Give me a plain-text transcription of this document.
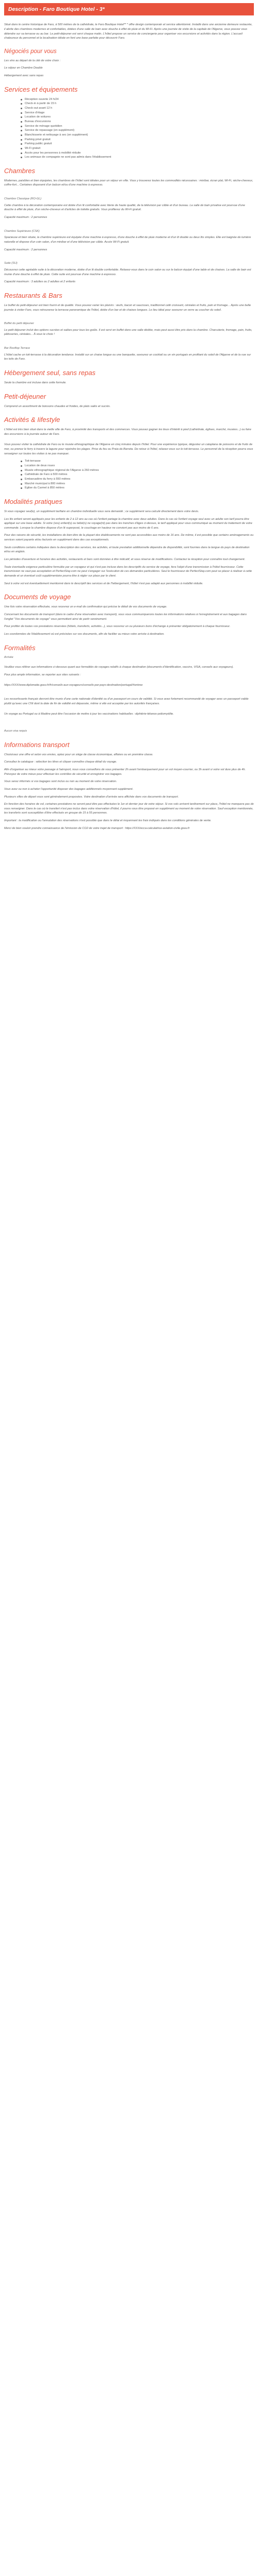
Description - Faro Boutique Hotel - 3*

Situé dans le centre historique de Faro, à 500 mètres de la cathédrale, le Faro Boutique Hotel** * offre design contemporain et service attentionné. Installé dans une ancienne demeure restaurée, il abrite des chambres modernes et confortables, dotées d'une salle de bain avec douche à effet de pluie et du Wi-Fi. Après une journée de visite de la capitale de l'Algarve, vous pouvez vous détendre sur sa terrasse ou au bar. Le petit-déjeuner est servi chaque matin. L'hôtel propose un service de conciergerie pour organiser vos excursions et activités dans la région. L'accueil chaleureux du personnel et la localisation idéale en font une base parfaite pour découvrir Faro.

Négociés pour vous

Les vins au départ de la cité de votre choix :

Le séjour en Chambre Double

Hébergement avec sans repas

Services et équipements
Réception ouverte 24 h/24
Check-in à partir de 15 h
Check-out avant 12 h
Service d'étage
Location de voitures
Bureau d'excursions
Service de ménage quotidien
Service de repassage (en supplément)
Blanchisserie et nettoyage à sec (en supplément)
Parking privé gratuit
Parking public gratuit
Wi-Fi gratuit
Accès pour les personnes à mobilité réduite
Les animaux de compagnie ne sont pas admis dans l'établissement
Chambres

Modernes, paisibles et bien équipées, les chambres de l'hôtel sont idéales pour un séjour en ville. Vous y trouverez toutes les commodités nécessaires : minibar, écran plat, Wi-Fi, sèche-cheveux, coffre-fort... Certaines disposent d'un balcon et/ou d'une machine à espresso.

Chambre Classique (RO-GL)

Cette chambre à la décoration contemporaine est dotée d'un lit confortable avec literie de haute qualité, de la télévision par câble et d'un bureau. La salle de bain privative est pourvue d'une douche à effet de pluie, d'un sèche-cheveux et d'articles de toilette gratuits. Vous profiterez du Wi-Fi gratuit.

Capacité maximum : 2 personnes

Chambre Supérieure (CSK)

Spacieuse et bien située, la chambre supérieure est équipée d'une machine à espresso, d'une douche à effet de pluie moderne et d'un lit double ou deux lits simples. Elle est baignée de lumière naturelle et dispose d'un coin salon, d'un minibar et d'une télévision par câble. Accès Wi-Fi gratuit.

Capacité maximum : 2 personnes

Suite (SU)

Découvrez cette agréable suite à la décoration moderne, dotée d'un lit double confortable. Relaxez-vous dans le coin salon ou sur le balcon équipé d'une table et de chaises. La salle de bain est munie d'une douche à effet de pluie. Cette suite est pourvue d'une machine à espresso.

Capacité maximum : 3 adultes ou 2 adultes et 2 enfants

Restaurants & Bars

Le buffet du petit-déjeuner est bien fourni et de qualité. Vous pouvez varier les plaisirs : œufs, bacon et saucisses, traditionnel café croissant, céréales et fruits, pain et fromage... Après une belle journée à visiter Faro, vous retrouverez la terrasse panoramique de l'hôtel, dotée d'un bar et de chaises longues. Le lieu idéal pour savourer un verre au coucher du soleil.

Buffet du petit déjeuner

Le petit déjeuner inclut des options sucrées et salées pour tous les goûts. Il est servi en buffet dans une salle dédiée, mais peut aussi être pris dans la chambre. Charcuterie, fromage, pain, fruits, pâtisseries, céréales... À vous le choix !

Bar Rooftop Terrace

L'hôtel cache un toit-terrasse à la décoration tendance. Installé sur un chaise longue ou une banquette, savourez un cocktail ou un vin portugais en profitant du soleil de l'Algarve et de la vue sur les toits de Faro.

Hébergement seul, sans repas

Seule la chambre est incluse dans cette formule.

Petit-déjeuner

Comprend un assortiment de boissons chaudes et froides, de plats salés et sucrés.

Activités & Iifestyle

L'hôtel est très bien situé dans la vieille ville de Faro, à proximité des transports et des commerces. Vous pouvez gagner les lieux d'intérêt à pied (cathédrale, églises, marché, musées...) ou faire des excursions à la journée autour de Faro.

Vous pouvez visiter la cathédrale de Faro ou le musée ethnographique de l'Algarve en cinq minutes depuis l'hôtel. Pour une expérience typique, dégustez un cataplana de poissons et de fruits de mer, ou prenez le ferry à travers la lagune pour rejoindre les plages. Prise du feu ou Praia da Barreta. De retour à l'hôtel, relaxez-vous sur le toit-terrasse. Le personnel de la réception pourra vous renseigner sur toutes les visites à ne pas manquer.

Toit-terrasse
Location de deux roues
Musée ethnographique régional de l'Algarve à 260 mètres
Cathédrale de Faro à 500 mètres
Embarcadère du ferry à 550 mètres
Marché municipal à 800 mètres
Église du Carmel à 850 mètres
Modalités pratiques

Si vous voyagez seul(e), un supplément tarifaire en chambre individuelle vous sera demandé ; ce supplément sera calculé directement dans votre devis.

Les lits enfant seront appliqués pour les enfants de 2 à 12 ans au cas où l'enfant partage la chambre avec deux adultes. Dans le cas où l'enfant voyage seul avec un adulte son tarif pourra être appliqué sur une base adulte. Si votre (vos) enfant(s) ou bébé(s) ne voyage(nt) pas dans les tranches d'âges ci-dessus, le tarif appliqué pour vous communiqué au moment du traitement de votre commande. Lorsque la chambre dispose d'un lit superposé, le couchage en hauteur ne convient pas aux moins de 6 ans.

Pour des raisons de sécurité, les installations de bien-être de la plupart des établissements ne sont pas accessibles aux moins de 16 ans. De même, il est possible que certains aménagements ou services soient payants et/ou facturés en supplément dans des cas exceptionnels.

Seuls conditions certains indiquées dans la description des services, les activités, et toute prestation additionnelle dépendra de disponibilité, sont fournies dans la langue du pays de destination et/ou en anglais.

Les périodes d'ouverture et horaires des activités, restaurants et bars sont données à titre indicatif, et sous réserve de modifications. Contactez la réception pour connaître tout changement.

Toute éventuelle exigence particulière formulée par un voyageur et qui n'est pas incluse dans les descriptifs du service de voyage, fera l'objet d'une transmission à l'hôtel fournisseur. Cette transmission ne vaut pas acceptation et PerfectStay.com ne peut s'engager sur l'exécution de ces demandes particulières. Seul le fournisseur de PerfectStay.com peut se placer à réaliser à cette demande et un éventuel coût supplémentaire pourra être à régler sur place par le client.

Seul à votre vol est éventuellement mentionné dans le descriptif des services et de l'hébergement, l'hôtel n'est pas adapté aux personnes à mobilité réduite.

Documents de voyage

Une fois votre réservation effectuée, vous recevrez un e-mail de confirmation qui précise le détail de vos documents de voyage.

Concernant les documents de transport (dans le cadre d'une réservation avec transport), vous vous communiquerons toutes les informations relatives à l'enregistrement et aux bagages dans l'onglet "Vos documents de voyage" vous permettant ainsi de partir sereinement.

Pour profiter de toutes vos prestations réservées (hôtels, transferts, activités...), vous recevrez un ou plusieurs bons d'échange à présenter obligatoirement à chaque fournisseur.

Les coordonnées de l'établissement où est précisées sur vos documents, afin de faciliter au mieux votre arrivée à destination.

Formalités

Arrivée

Veuillez vous référer aux informations ci-dessous quant aux formalités de voyages relatifs à chaque destination (documents d'identification, vaccins, VISA, conseils aux voyageurs).

Pour plus ample information, se reporter aux sites suivants :

https://XXX/www.diplomatie.gouv.fr/fr/conseils-aux-voyageurs/conseils-par-pays-destination/portugal/#entree

Les ressortissants français devront être munis d'une carte nationale d'identité ou d'un passeport en cours de validité. Si vous avez fortement recommandé de voyager avec un passeport valide plutôt qu'avec une CNI dont la date de fin de validité est dépassée, même si elle est acceptée par les autorités françaises.

Un voyage au Portugal ou à Madère peut être l'occasion de mettre à jour les vaccinations habituelles : diphtérie-tétanos-poliomyélite.

Aucun visa requis

Informations transport

Choisissez une offre et selon vos envies, optez pour un siège de classe économique, affaires ou en première classe.

Consultez le catalogue : sélection les titres et cliquer connaître chaque détail du voyage.

Afin d'organiser au mieux votre passage à l'aéroport, nous vous conseillons de vous présenter 2h avant l'embarquement pour un vol moyen-courrier, ou 3h avant si votre vol dure plus de 4h. Prévoyez de votre mieux pour effectuer les contrôles de sécurité et enregistrer vos bagages.

Vous serez informés si vos bagages sont inclus ou non au moment de votre réservation.

Vous avez ou non à acheter l'opportunité disposer des bagages additionnels moyennant supplément.

Plusieurs villes de départ vous sont généralement proposées. Votre destination d'arrivée sera affichée dans vos documents de transport.

En fonction des horaires de vol, certaines prestations ne seront peut-être pas effectuées le 1er et dernier jour de votre séjour. Si vos vols arrivent tardivement sur place, l'hôtel ne manquera pas de vous renseigner. Dans le cas où le transfert n'est pas inclus dans votre réservation d'hôtel, il pourra vous être proposé en supplément au moment de votre réservation. Sauf exception mentionnée, les transferts sont susceptibles d'être effectués en groupe de 15 à 55 personnes.

Important : la modification ou l'annulation des réservations n'est possible que dans le délai et moyennant les frais indiqués dans les conditions générales de vente.

Merci de bien vouloir prendre connaissance de l'émission de CO2 de votre trajet de transport : https://XXX/ecca-calculatrice-aviation-civile.gouv.fr
